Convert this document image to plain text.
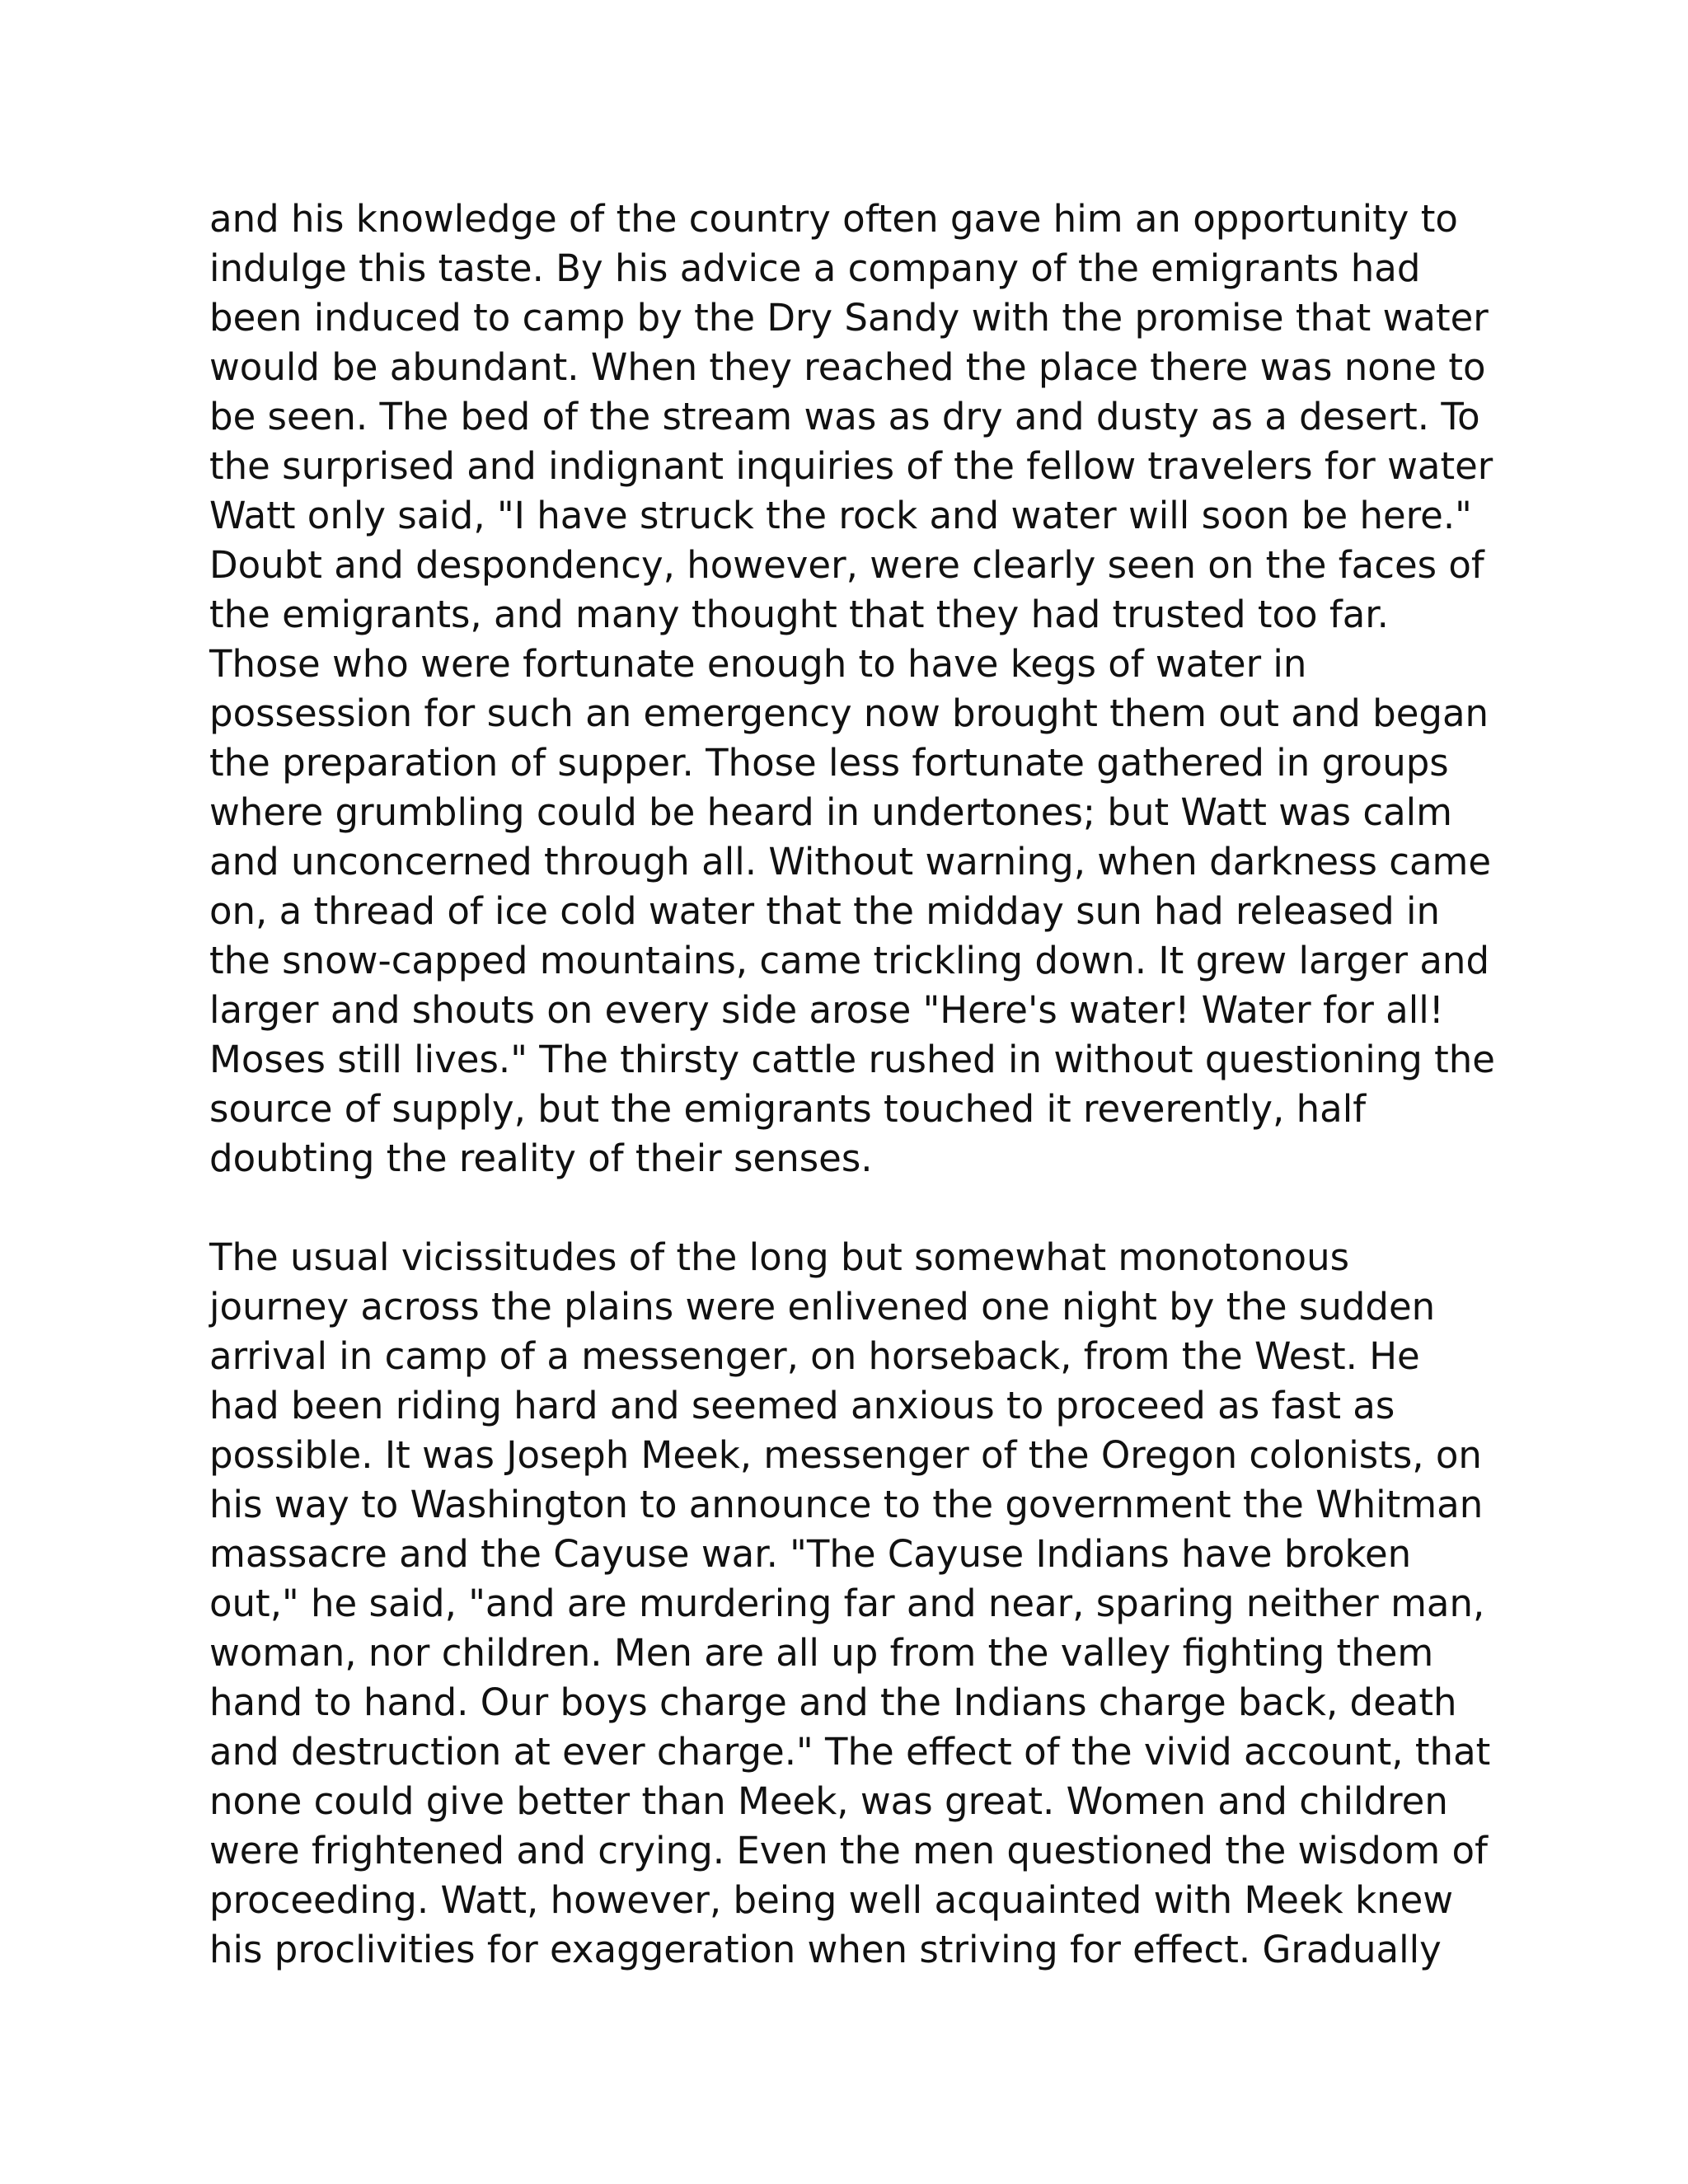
and his knowledge of the country often gave him an opportunity to
indulge this taste. By his advice a company of the emigrants had
been induced to camp by the Dry Sandy with the promise that water
would be abundant. When they reached the place there was none to
be seen. The bed of the stream was as dry and dusty as a desert. To
the surprised and indignant inquiries of the fellow travelers for water
Watt only said, "I have struck the rock and water will soon be here."
Doubt and despondency, however, were clearly seen on the faces of
the emigrants, and many thought that they had trusted too far.
Those who were fortunate enough to have kegs of water in
possession for such an emergency now brought them out and began
the preparation of supper. Those less fortunate gathered in groups
where grumbling could be heard in undertones; but Watt was calm
and unconcerned through all. Without warning, when darkness came
on, a thread of ice cold water that the midday sun had released in
the snow-capped mountains, came trickling down. It grew larger and
larger and shouts on every side arose "Here's water! Water for all!
Moses still lives." The thirsty cattle rushed in without questioning the
source of supply, but the emigrants touched it reverently, half
doubting the reality of their senses.

The usual vicissitudes of the long but somewhat monotonous
journey across the plains were enlivened one night by the sudden
arrival in camp of a messenger, on horseback, from the West. He
had been riding hard and seemed anxious to proceed as fast as
possible. It was Joseph Meek, messenger of the Oregon colonists, on
his way to Washington to announce to the government the Whitman
massacre and the Cayuse war. "The Cayuse Indians have broken
out," he said, "and are murdering far and near, sparing neither man,
woman, nor children. Men are all up from the valley fighting them
hand to hand. Our boys charge and the Indians charge back, death
and destruction at ever charge." The effect of the vivid account, that
none could give better than Meek, was great. Women and children
were frightened and crying. Even the men questioned the wisdom of
proceeding. Watt, however, being well acquainted with Meek knew
his proclivities for exaggeration when striving for effect. Gradually
